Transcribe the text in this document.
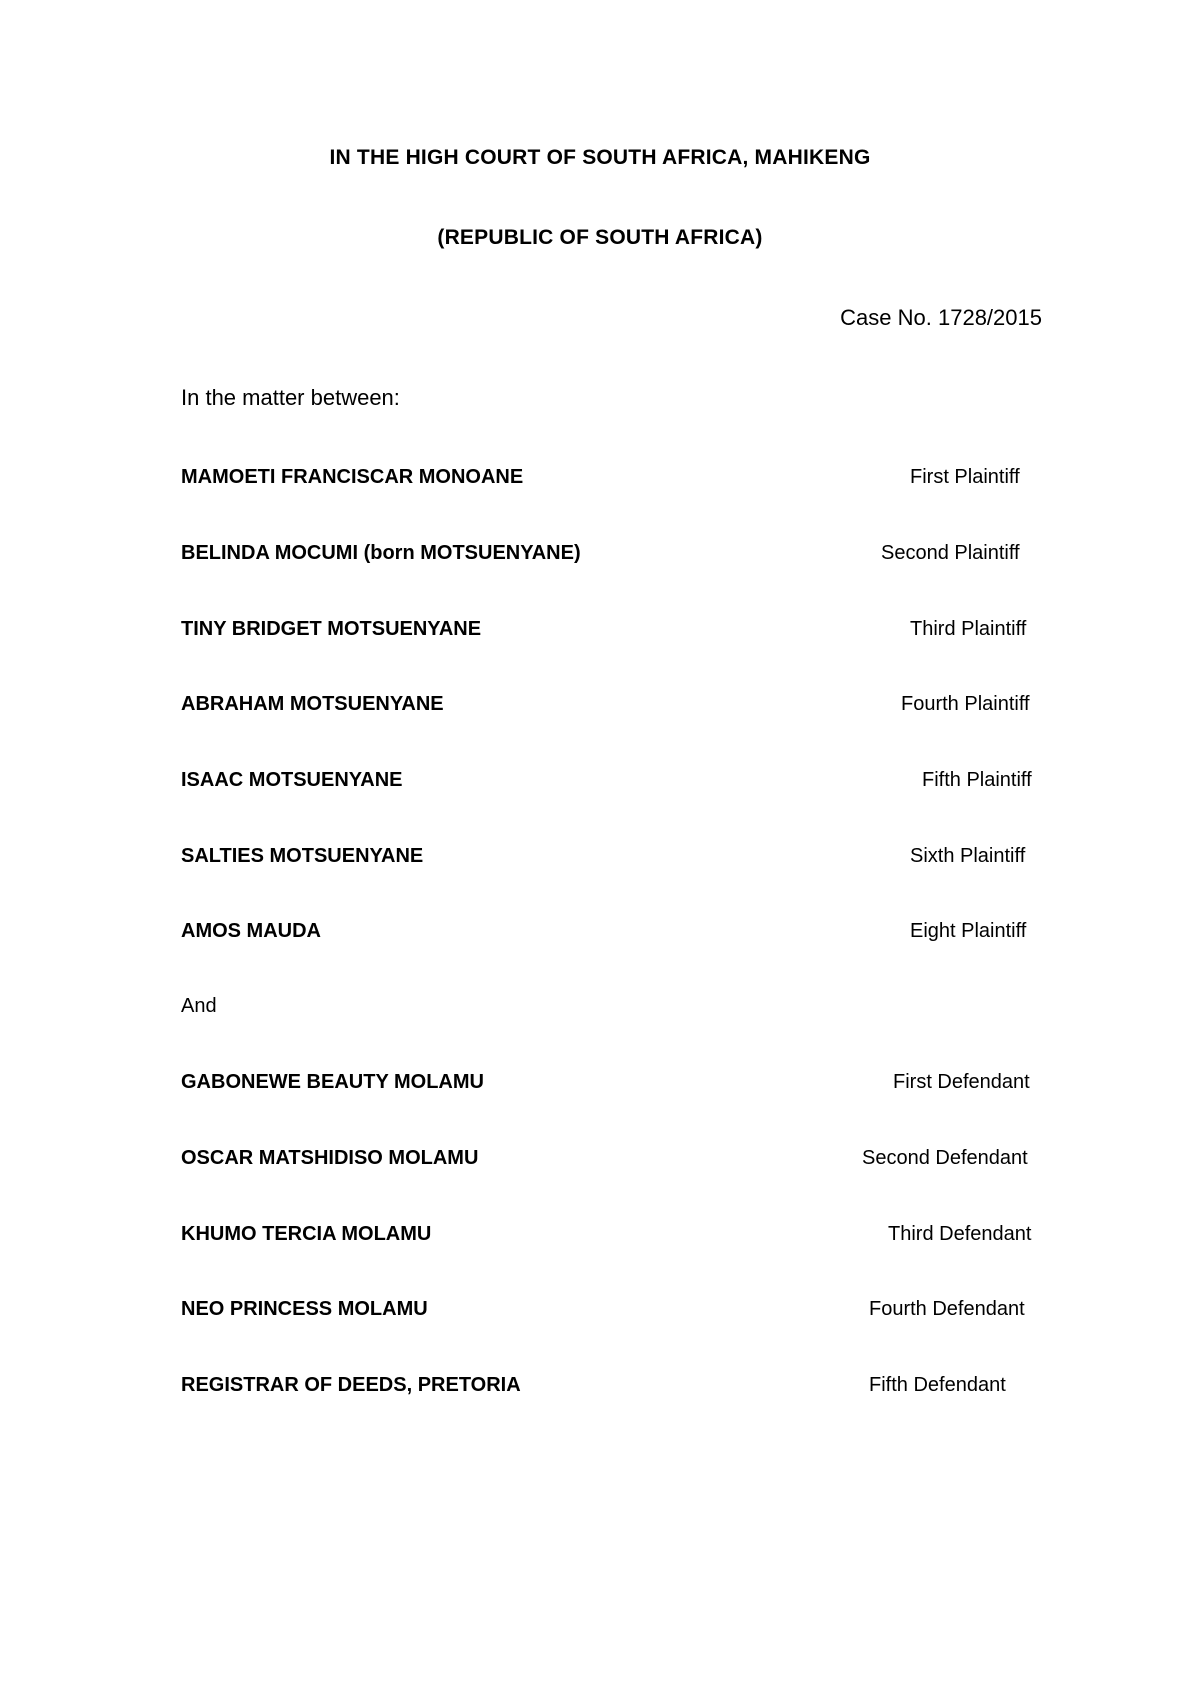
IN THE HIGH COURT OF SOUTH AFRICA, MAHIKENG
(REPUBLIC OF SOUTH AFRICA)
Case No. 1728/2015
In the matter between:
MAMOETI FRANCISCAR MONOANE	First Plaintiff
BELINDA MOCUMI (born MOTSUENYANE)	Second Plaintiff
TINY BRIDGET MOTSUENYANE	Third Plaintiff
ABRAHAM MOTSUENYANE	Fourth Plaintiff
ISAAC MOTSUENYANE	Fifth Plaintiff
SALTIES MOTSUENYANE	Sixth Plaintiff
AMOS MAUDA	Eight Plaintiff
And
GABONEWE BEAUTY MOLAMU	First Defendant
OSCAR MATSHIDISO MOLAMU	Second Defendant
KHUMO TERCIA MOLAMU	Third Defendant
NEO PRINCESS MOLAMU	Fourth Defendant
REGISTRAR OF DEEDS, PRETORIA	Fifth Defendant
